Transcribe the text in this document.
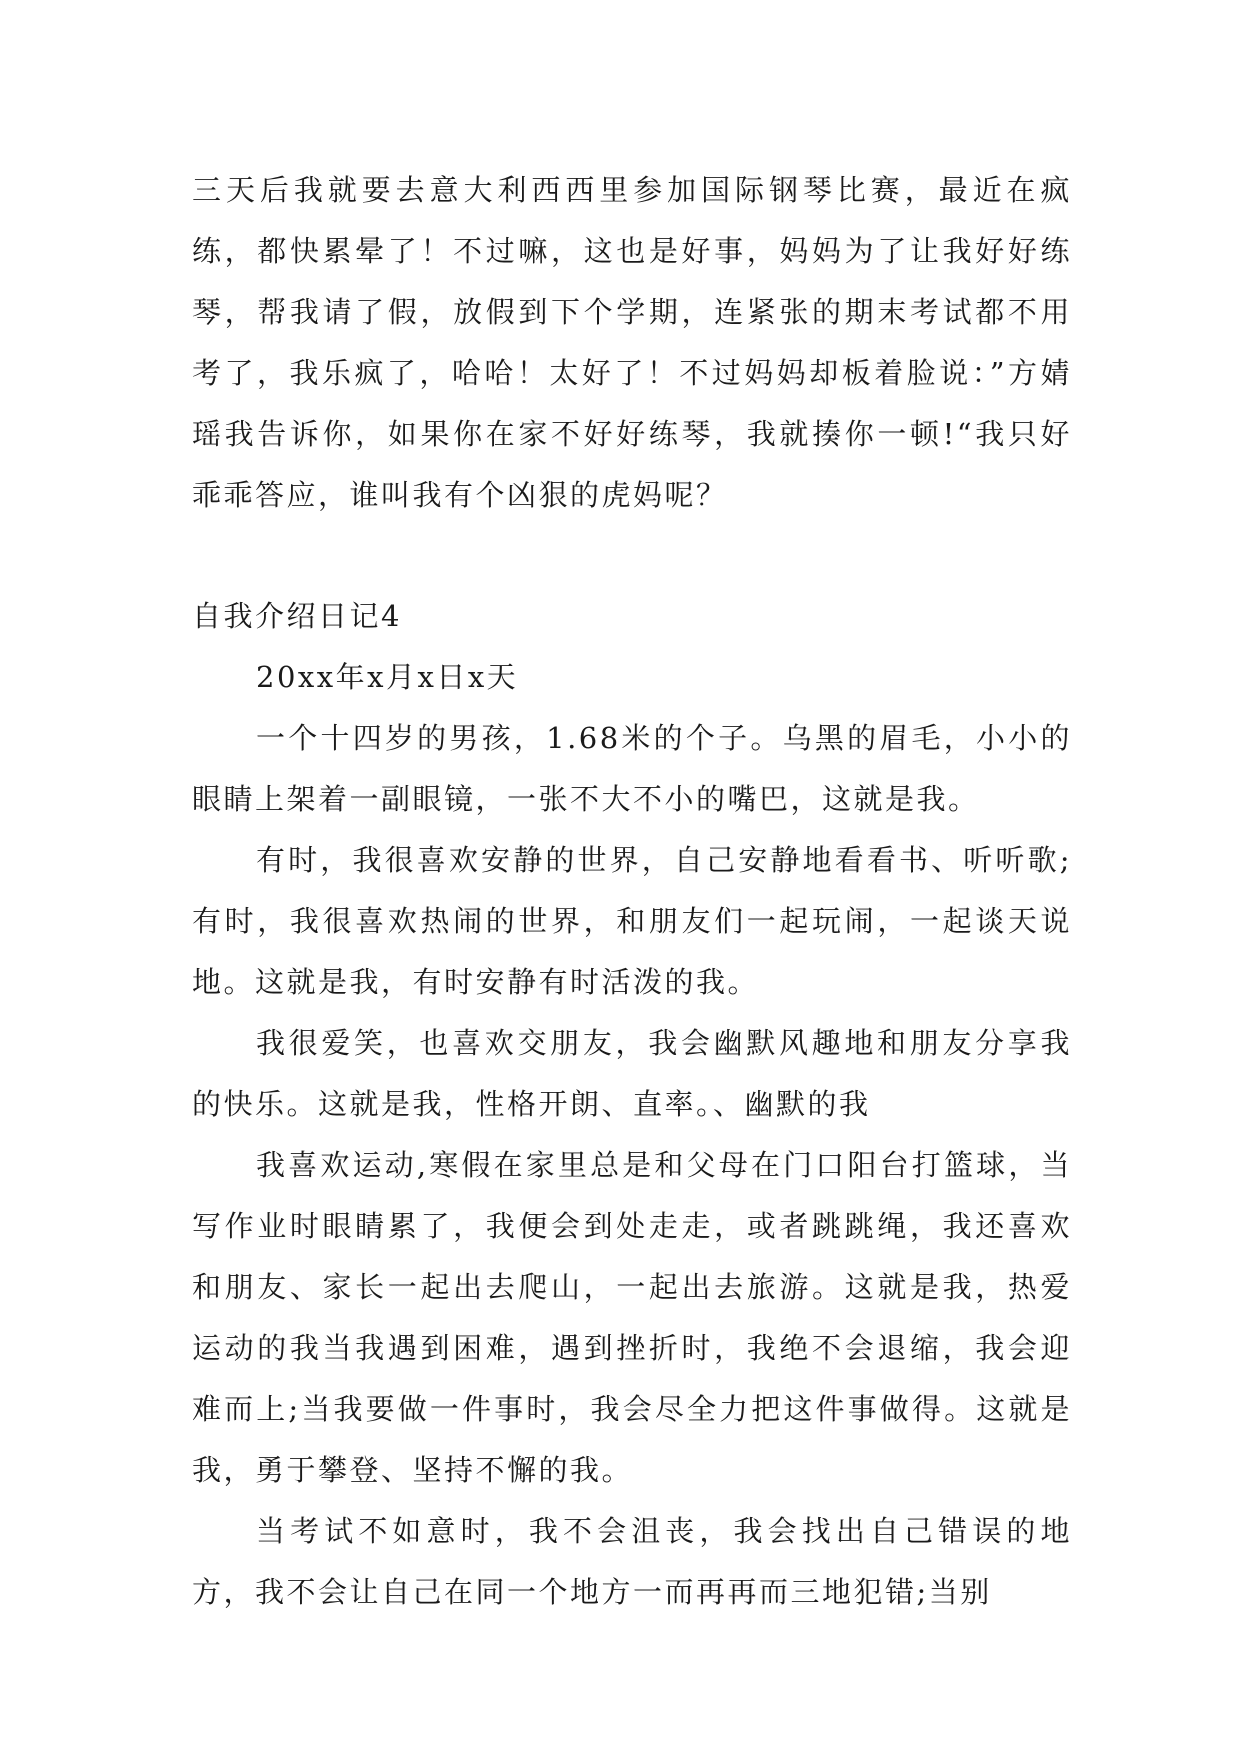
三天后我就要去意大利西西里参加国际钢琴比赛，最近在疯练，都快累晕了！不过嘛，这也是好事，妈妈为了让我好好练琴，帮我请了假，放假到下个学期，连紧张的期末考试都不用考了，我乐疯了，哈哈！太好了！不过妈妈却板着脸说：”方婧瑶我告诉你，如果你在家不好好练琴，我就揍你一顿!“我只好乖乖答应，谁叫我有个凶狠的虎妈呢？

自我介绍日记4

20xx年x月x日x天

一个十四岁的男孩，1.68米的个子。乌黑的眉毛，小小的眼睛上架着一副眼镜，一张不大不小的嘴巴，这就是我。

有时，我很喜欢安静的世界，自己安静地看看书、听听歌;有时，我很喜欢热闹的世界，和朋友们一起玩闹，一起谈天说地。这就是我，有时安静有时活泼的我。

我很爱笑，也喜欢交朋友，我会幽默风趣地和朋友分享我的快乐。这就是我，性格开朗、直率。、幽默的我

我喜欢运动,寒假在家里总是和父母在门口阳台打篮球，当写作业时眼睛累了，我便会到处走走，或者跳跳绳，我还喜欢和朋友、家长一起出去爬山，一起出去旅游。这就是我，热爱运动的我当我遇到困难，遇到挫折时，我绝不会退缩，我会迎难而上;当我要做一件事时，我会尽全力把这件事做得。这就是我，勇于攀登、坚持不懈的我。

当考试不如意时，我不会沮丧，我会找出自己错误的地方，我不会让自己在同一个地方一而再再而三地犯错;当别
